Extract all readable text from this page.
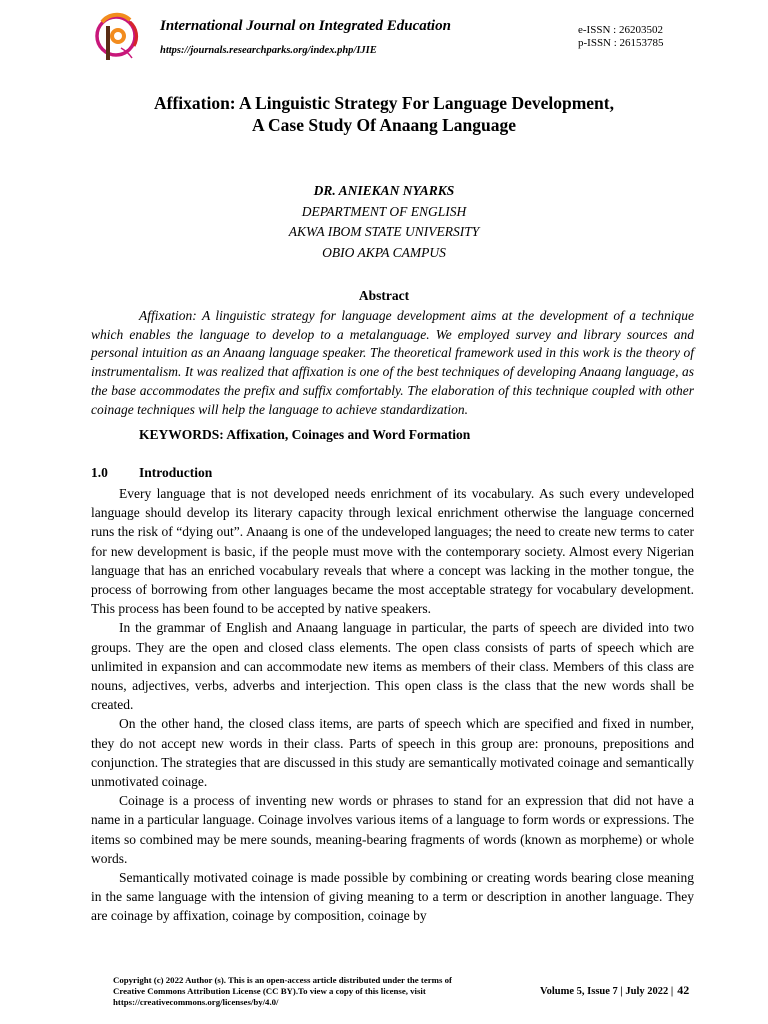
International Journal on Integrated Education
https://journals.researchparks.org/index.php/IJIE
e-ISSN : 26203502
p-ISSN : 26153785
Affixation: A Linguistic Strategy For Language Development,
A Case Study Of Anaang Language
DR. ANIEKAN NYARKS
DEPARTMENT OF ENGLISH
AKWA IBOM STATE UNIVERSITY
OBIO AKPA CAMPUS
Abstract

Affixation: A linguistic strategy for language development aims at the development of a technique which enables the language to develop to a metalanguage. We employed survey and library sources and personal intuition as an Anaang language speaker. The theoretical framework used in this work is the theory of instrumentalism. It was realized that affixation is one of the best techniques of developing Anaang language, as the base accommodates the prefix and suffix comfortably. The elaboration of this technique coupled with other coinage techniques will help the language to achieve standardization.

KEYWORDS: Affixation, Coinages and Word Formation
1.0 Introduction

Every language that is not developed needs enrichment of its vocabulary. As such every undeveloped language should develop its literary capacity through lexical enrichment otherwise the language concerned runs the risk of “dying out”. Anaang is one of the undeveloped languages; the need to create new terms to cater for new development is basic, if the people must move with the contemporary society. Almost every Nigerian language that has an enriched vocabulary reveals that where a concept was lacking in the mother tongue, the process of borrowing from other languages became the most acceptable strategy for vocabulary development. This process has been found to be accepted by native speakers.

In the grammar of English and Anaang language in particular, the parts of speech are divided into two groups. They are the open and closed class elements. The open class consists of parts of speech which are unlimited in expansion and can accommodate new items as members of their class. Members of this class are nouns, adjectives, verbs, adverbs and interjection. This open class is the class that the new words shall be created.

On the other hand, the closed class items, are parts of speech which are specified and fixed in number, they do not accept new words in their class. Parts of speech in this group are: pronouns, prepositions and conjunction. The strategies that are discussed in this study are semantically motivated coinage and semantically unmotivated coinage.

Coinage is a process of inventing new words or phrases to stand for an expression that did not have a name in a particular language. Coinage involves various items of a language to form words or expressions. The items so combined may be mere sounds, meaning-bearing fragments of words (known as morpheme) or whole words.

Semantically motivated coinage is made possible by combining or creating words bearing close meaning in the same language with the intension of giving meaning to a term or description in another language. They are coinage by affixation, coinage by composition, coinage by

Copyright (c) 2022 Author (s). This is an open-access article distributed under the terms of Creative Commons Attribution License (CC BY).To view a copy of this license, visit https://creativecommons.org/licenses/by/4.0/
Volume 5, Issue 7 | July 2022 | 42
